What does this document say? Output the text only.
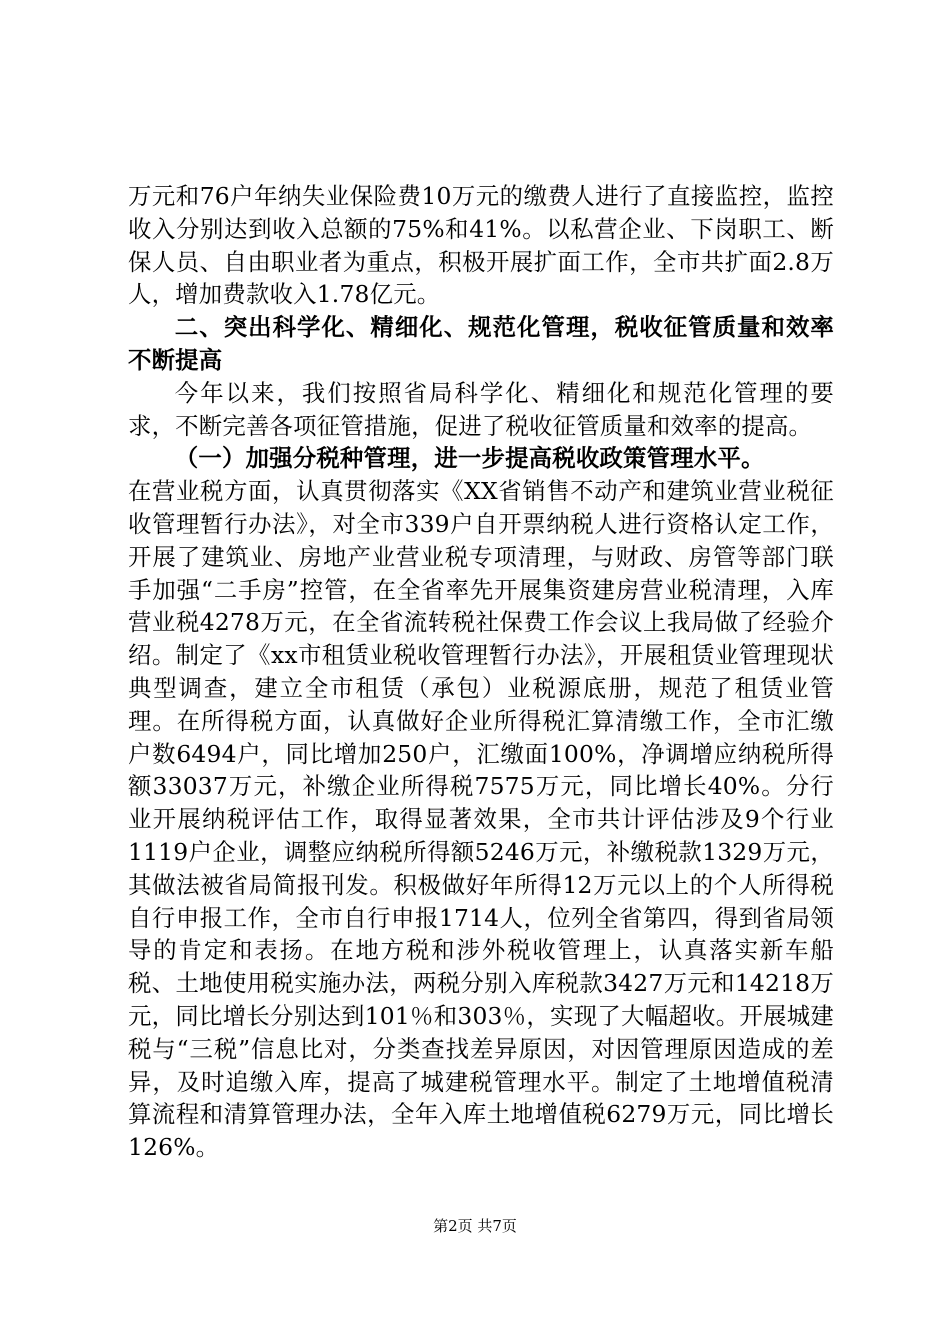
万元和76户年纳失业保险费10万元的缴费人进行了直接监控，监控收入分别达到收入总额的75%和41%。以私营企业、下岗职工、断保人员、自由职业者为重点，积极开展扩面工作，全市共扩面2.8万人，增加费款收入1.78亿元。

二、突出科学化、精细化、规范化管理，税收征管质量和效率不断提高

今年以来，我们按照省局科学化、精细化和规范化管理的要求，不断完善各项征管措施，促进了税收征管质量和效率的提高。

（一）加强分税种管理，进一步提高税收政策管理水平。

在营业税方面，认真贯彻落实《XX省销售不动产和建筑业营业税征收管理暂行办法》，对全市339户自开票纳税人进行资格认定工作，开展了建筑业、房地产业营业税专项清理，与财政、房管等部门联手加强“二手房”控管，在全省率先开展集资建房营业税清理，入库营业税4278万元，在全省流转税社保费工作会议上我局做了经验介绍。制定了《xx市租赁业税收管理暂行办法》，开展租赁业管理现状典型调查，建立全市租赁（承包）业税源底册，规范了租赁业管理。在所得税方面，认真做好企业所得税汇算清缴工作，全市汇缴户数6494户，同比增加250户，汇缴面100%，净调增应纳税所得额33037万元，补缴企业所得税7575万元，同比增长40%。分行业开展纳税评估工作，取得显著效果，全市共计评估涉及9个行业1119户企业，调整应纳税所得额5246万元，补缴税款1329万元，其做法被省局简报刊发。积极做好年所得12万元以上的个人所得税自行申报工作，全市自行申报1714人，位列全省第四，得到省局领导的肯定和表扬。在地方税和涉外税收管理上，认真落实新车船税、土地使用税实施办法，两税分别入库税款3427万元和14218万元，同比增长分别达到101％和303％，实现了大幅超收。开展城建税与“三税”信息比对，分类查找差异原因，对因管理原因造成的差异，及时追缴入库，提高了城建税管理水平。制定了土地增值税清算流程和清算管理办法，全年入库土地增值税6279万元，同比增长126%。

第2页 共7页
